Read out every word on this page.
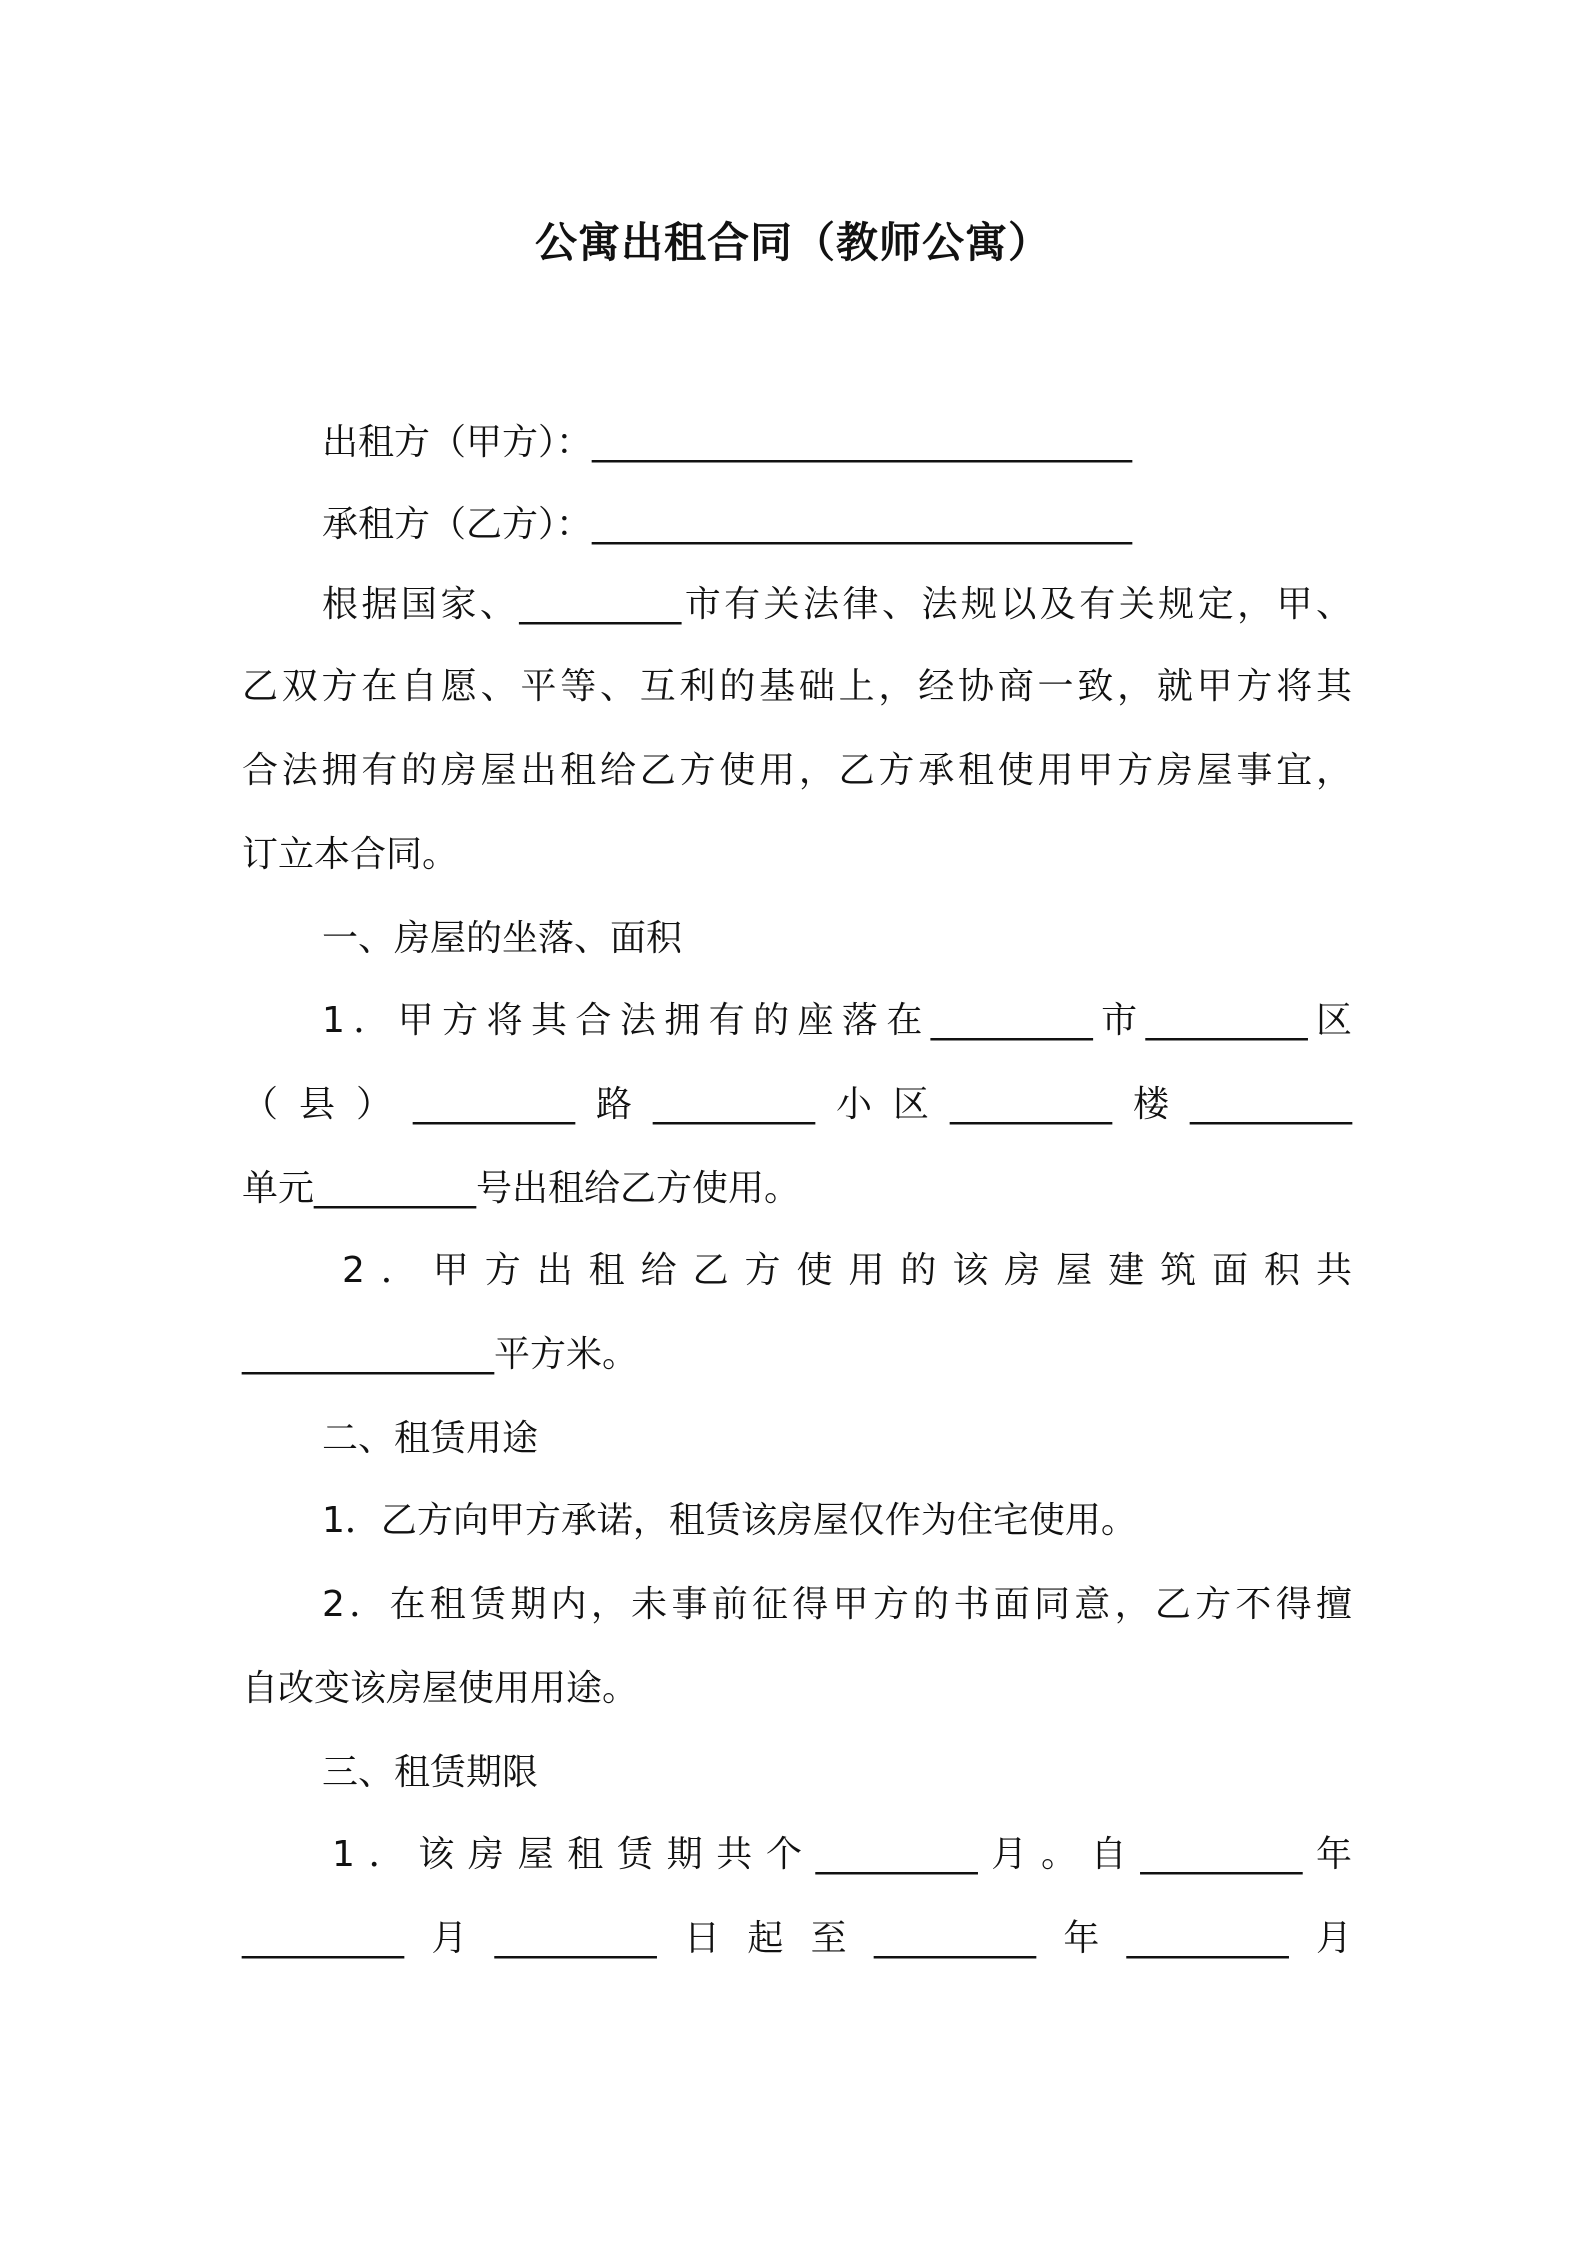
公寓出租合同（教师公寓）
出租方（甲方）：______________________________
承租方（乙方）：______________________________
根据国家、_________市有关法律、法规以及有关规定，甲、
乙双方在自愿、平等、互利的基础上，经协商一致，就甲方将其
合法拥有的房屋出租给乙方使用，乙方承租使用甲方房屋事宜，
订立本合同。
一、房屋的坐落、面积
1．甲方将其合法拥有的座落在_________市_________区
（县）_________路_________小区_________楼_________
单元_________号出租给乙方使用。
2．甲方出租给乙方使用的该房屋建筑面积共
______________平方米。
二、租赁用途
1．乙方向甲方承诺，租赁该房屋仅作为住宅使用。
2．在租赁期内，未事前征得甲方的书面同意，乙方不得擅
自改变该房屋使用用途。
三、租赁期限
1．该房屋租赁期共个_________月。自_________年
_________月_________日起至_________年_________月
